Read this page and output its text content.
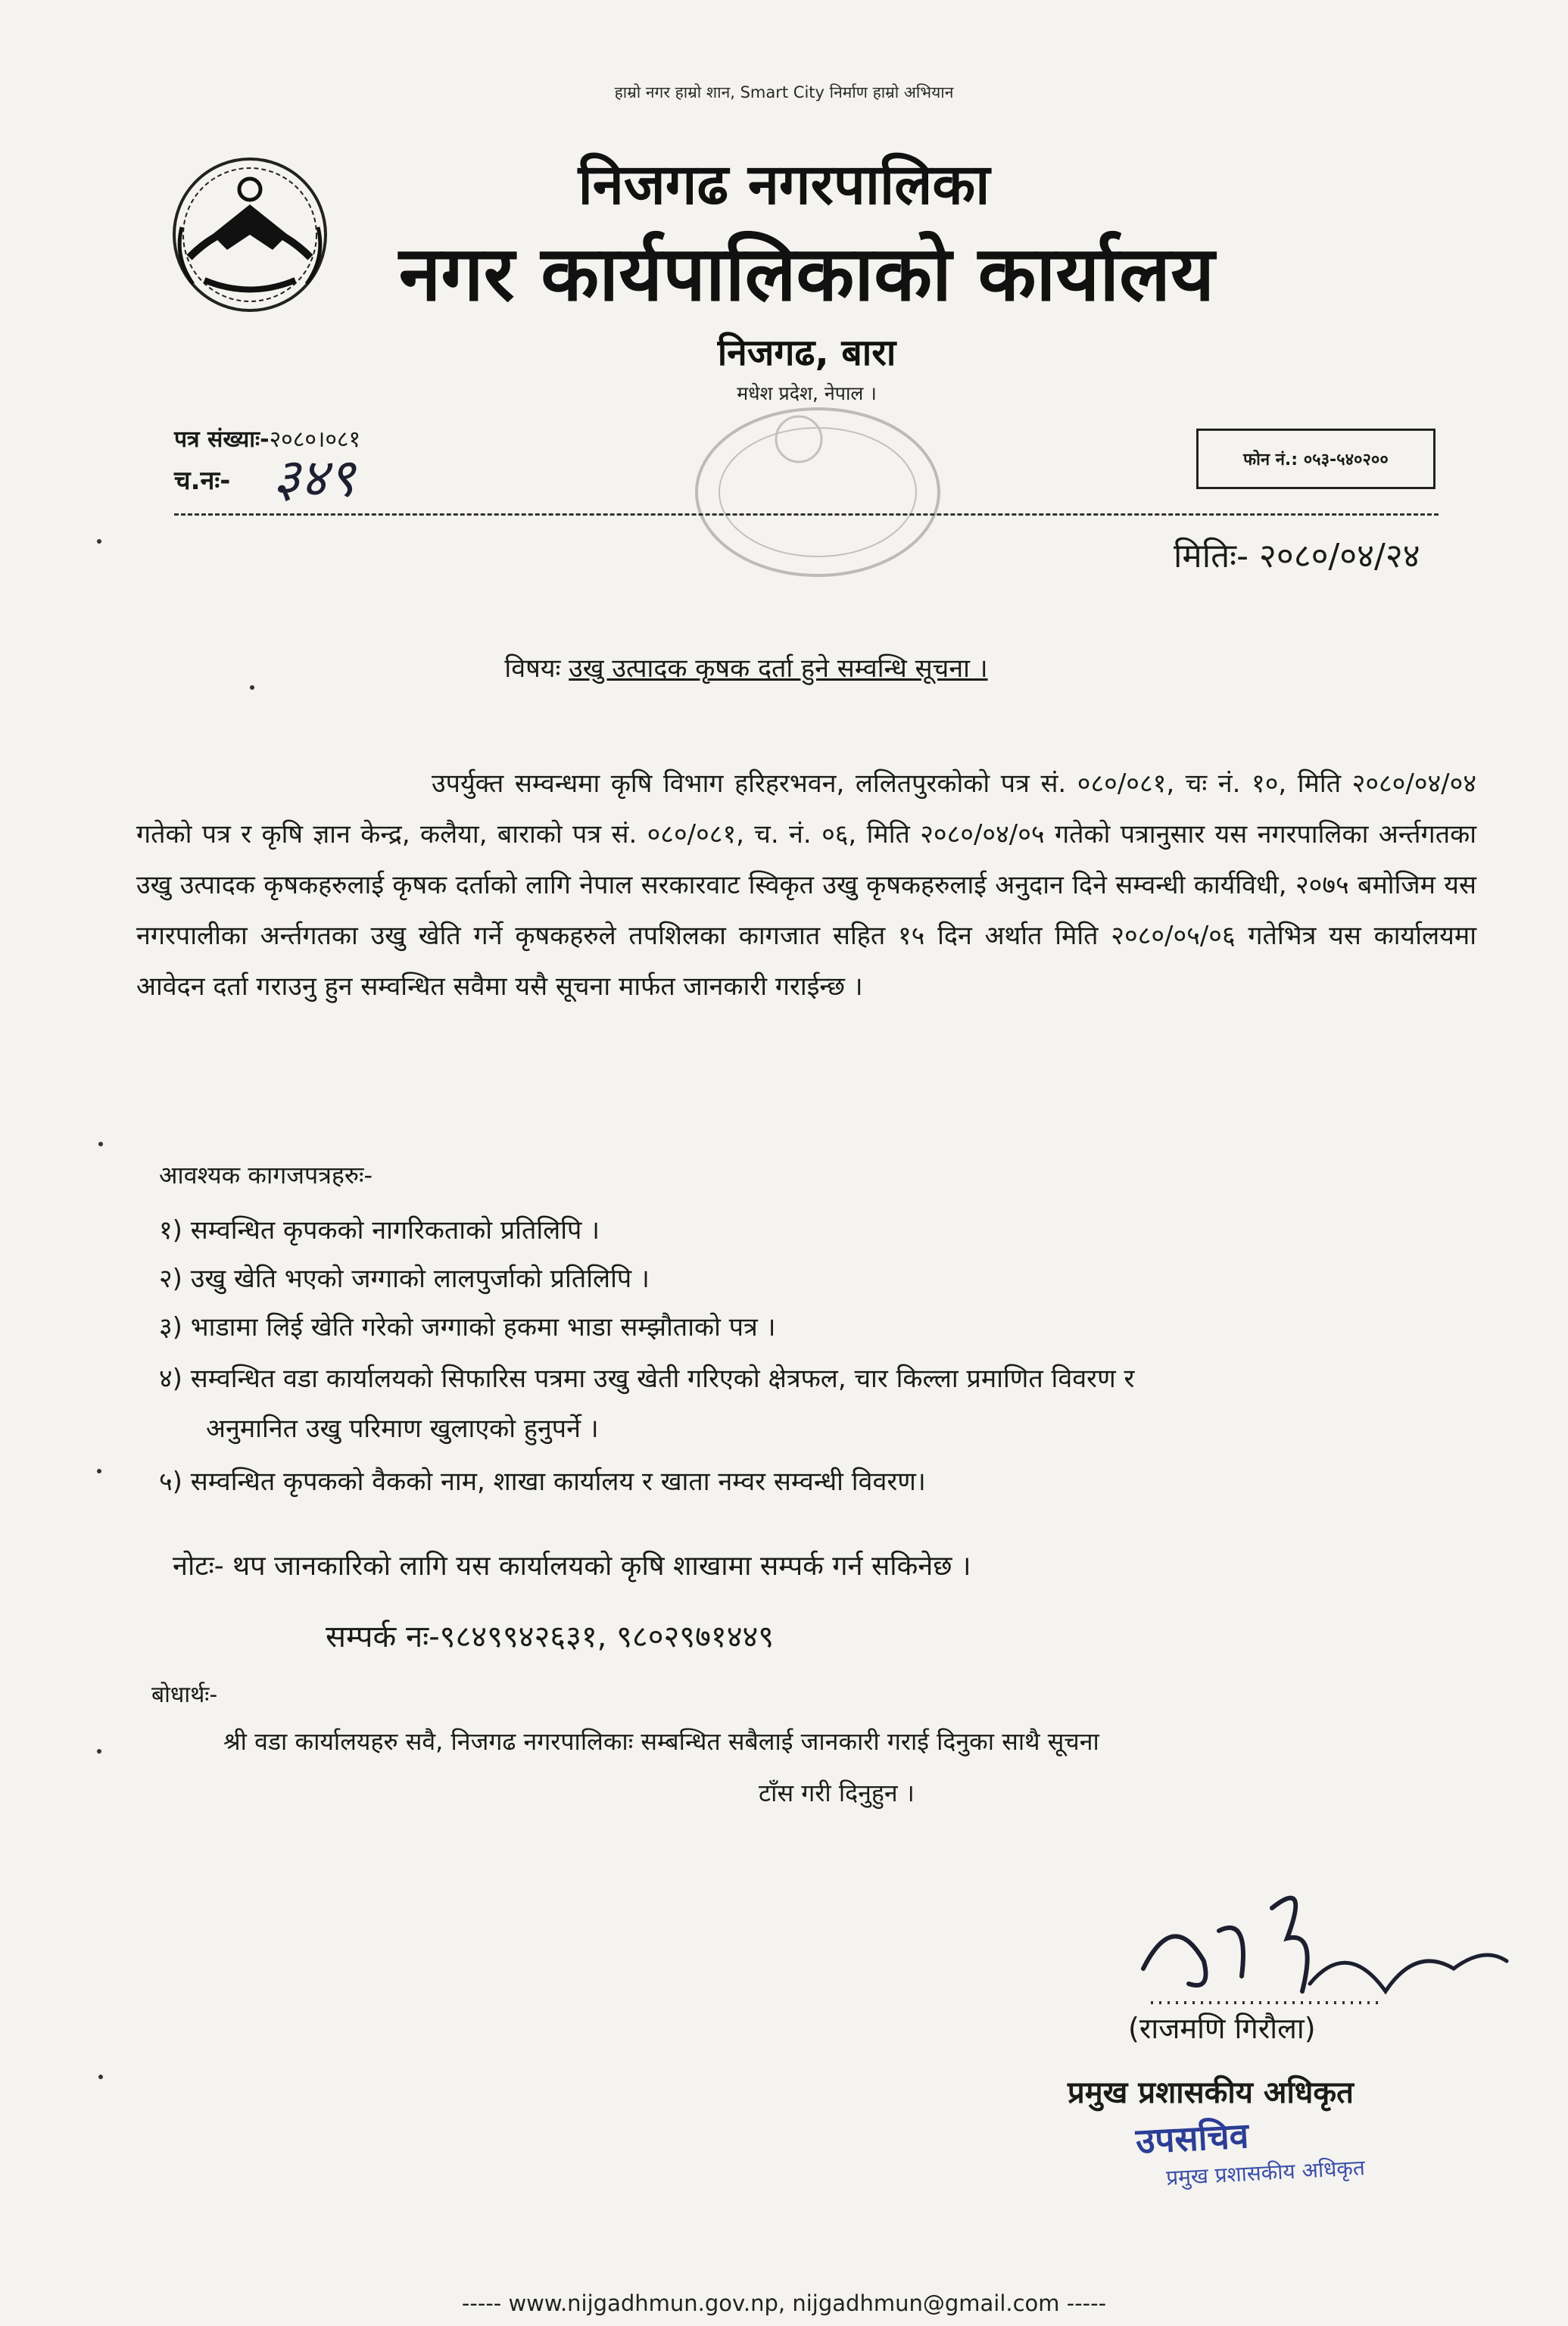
हाम्रो नगर हाम्रो शान, Smart City निर्माण हाम्रो अभियान
निजगढ नगरपालिका
नगर कार्यपालिकाको कार्यालय
निजगढ, बारा
मधेश प्रदेश, नेपाल ।
पत्र संख्याः-२०८०।०८१
च.नः- ३४९	फोन नं.: ०५३-५४०२००
मितिः- २०८०/०४/२४
विषयः उखु उत्पादक कृषक दर्ता हुने सम्वन्धि सूचना ।
उपर्युक्त सम्वन्धमा कृषि विभाग हरिहरभवन, ललितपुरकोको पत्र सं. ०८०/०८१, चः नं. १०, मिति २०८०/०४/०४ गतेको पत्र र कृषि ज्ञान केन्द्र, कलैया, बाराको पत्र सं. ०८०/०८१, च. नं. ०६, मिति २०८०/०४/०५ गतेको पत्रानुसार यस नगरपालिका अर्न्तगतका उखु उत्पादक कृषकहरुलाई कृषक दर्ताको लागि नेपाल सरकारवाट स्विकृत उखु कृषकहरुलाई अनुदान दिने सम्वन्धी कार्यविधी, २०७५ बमोजिम यस नगरपालीका अर्न्तगतका उखु खेति गर्ने कृषकहरुले तपशिलका कागजात सहित १५ दिन अर्थात मिति २०८०/०५/०६ गतेभित्र यस कार्यालयमा आवेदन दर्ता गराउनु हुन सम्वन्धित सवैमा यसै सूचना मार्फत जानकारी गराईन्छ ।
आवश्यक कागजपत्रहरुः-
१) सम्वन्धित कृपकको नागरिकताको प्रतिलिपि ।
२) उखु खेति भएको जग्गाको लालपुर्जाको प्रतिलिपि ।
३) भाडामा लिई खेति गरेको जग्गाको हकमा भाडा सम्झौताको पत्र ।
४) सम्वन्धित वडा कार्यालयको सिफारिस पत्रमा उखु खेती गरिएको क्षेत्रफल, चार किल्ला प्रमाणित विवरण र
अनुमानित उखु परिमाण खुलाएको हुनुपर्ने ।
५) सम्वन्धित कृपकको वैकको नाम, शाखा कार्यालय र खाता नम्वर सम्वन्धी विवरण।
नोटः- थप जानकारिको लागि यस कार्यालयको कृषि शाखामा सम्पर्क गर्न सकिनेछ ।
सम्पर्क नः-९८४९९४२६३१, ९८०२९७१४४९
बोधार्थः-
श्री वडा कार्यालयहरु सवै, निजगढ नगरपालिकाः सम्बन्धित सबैलाई जानकारी गराई दिनुका साथै सूचना
टाँस गरी दिनुहुन ।
(राजमणि गिरौला)
प्रमुख प्रशासकीय अधिकृत
उपसचिव
प्रमुख प्रशासकीय अधिकृत
----- www.nijgadhmun.gov.np, nijgadhmun@gmail.com -----
